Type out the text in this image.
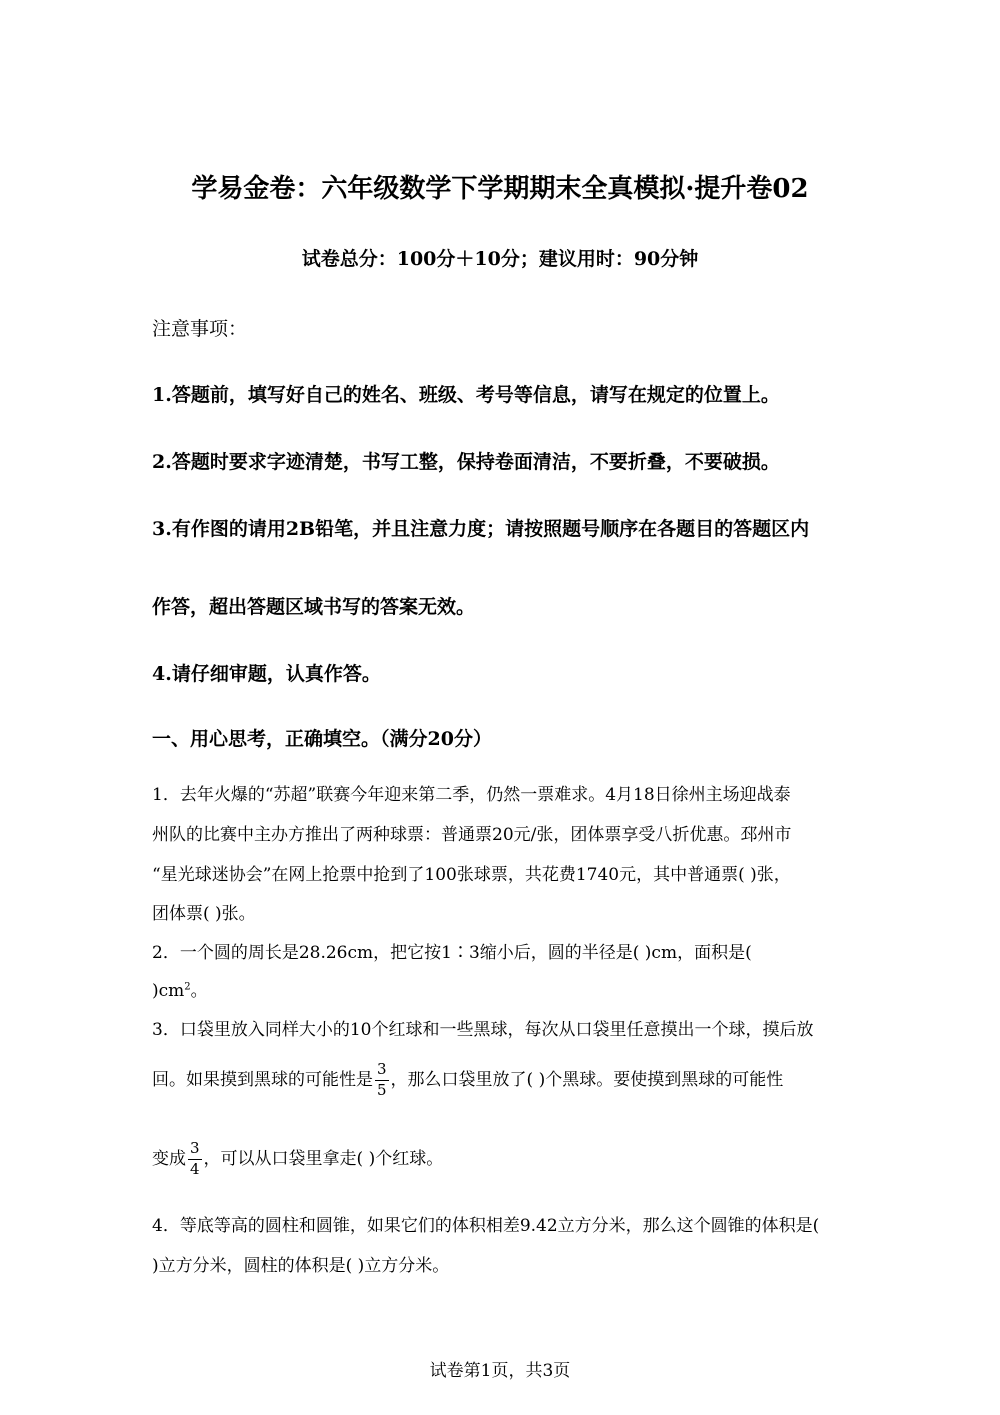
学易金卷：六年级数学下学期期末全真模拟·提升卷02
试卷总分：100分＋10分；建议用时：90分钟
注意事项：
1.答题前，填写好自己的姓名、班级、考号等信息，请写在规定的位置上。
2.答题时要求字迹清楚，书写工整，保持卷面清洁，不要折叠，不要破损。
3.有作图的请用2B铅笔，并且注意力度；请按照题号顺序在各题目的答题区内
作答，超出答题区域书写的答案无效。
4.请仔细审题，认真作答。
一、用心思考，正确填空。（满分20分）
1．去年火爆的“苏超”联赛今年迎来第二季，仍然一票难求。4月18日徐州主场迎战泰
州队的比赛中主办方推出了两种球票：普通票20元/张，团体票享受八折优惠。邳州市
“星光球迷协会”在网上抢票中抢到了100张球票，共花费1740元，其中普通票( )张，
团体票( )张。
2．一个圆的周长是28.26cm，把它按1∶3缩小后，圆的半径是( )cm，面积是(
)$cm^2$。
3．口袋里放入同样大小的10个红球和一些黑球，每次从口袋里任意摸出一个球，摸后放
回。如果摸到黑球的可能性是 $\frac{3}{5}$ ，那么口袋里放了( )个黑球。要使摸到黑球的可能性
变成 $\frac{3}{4}$ ，可以从口袋里拿走( )个红球。
4．等底等高的圆柱和圆锥，如果它们的体积相差9.42立方分米，那么这个圆锥的体积是(
)立方分米，圆柱的体积是( )立方分米。
试卷第1页，共3页
